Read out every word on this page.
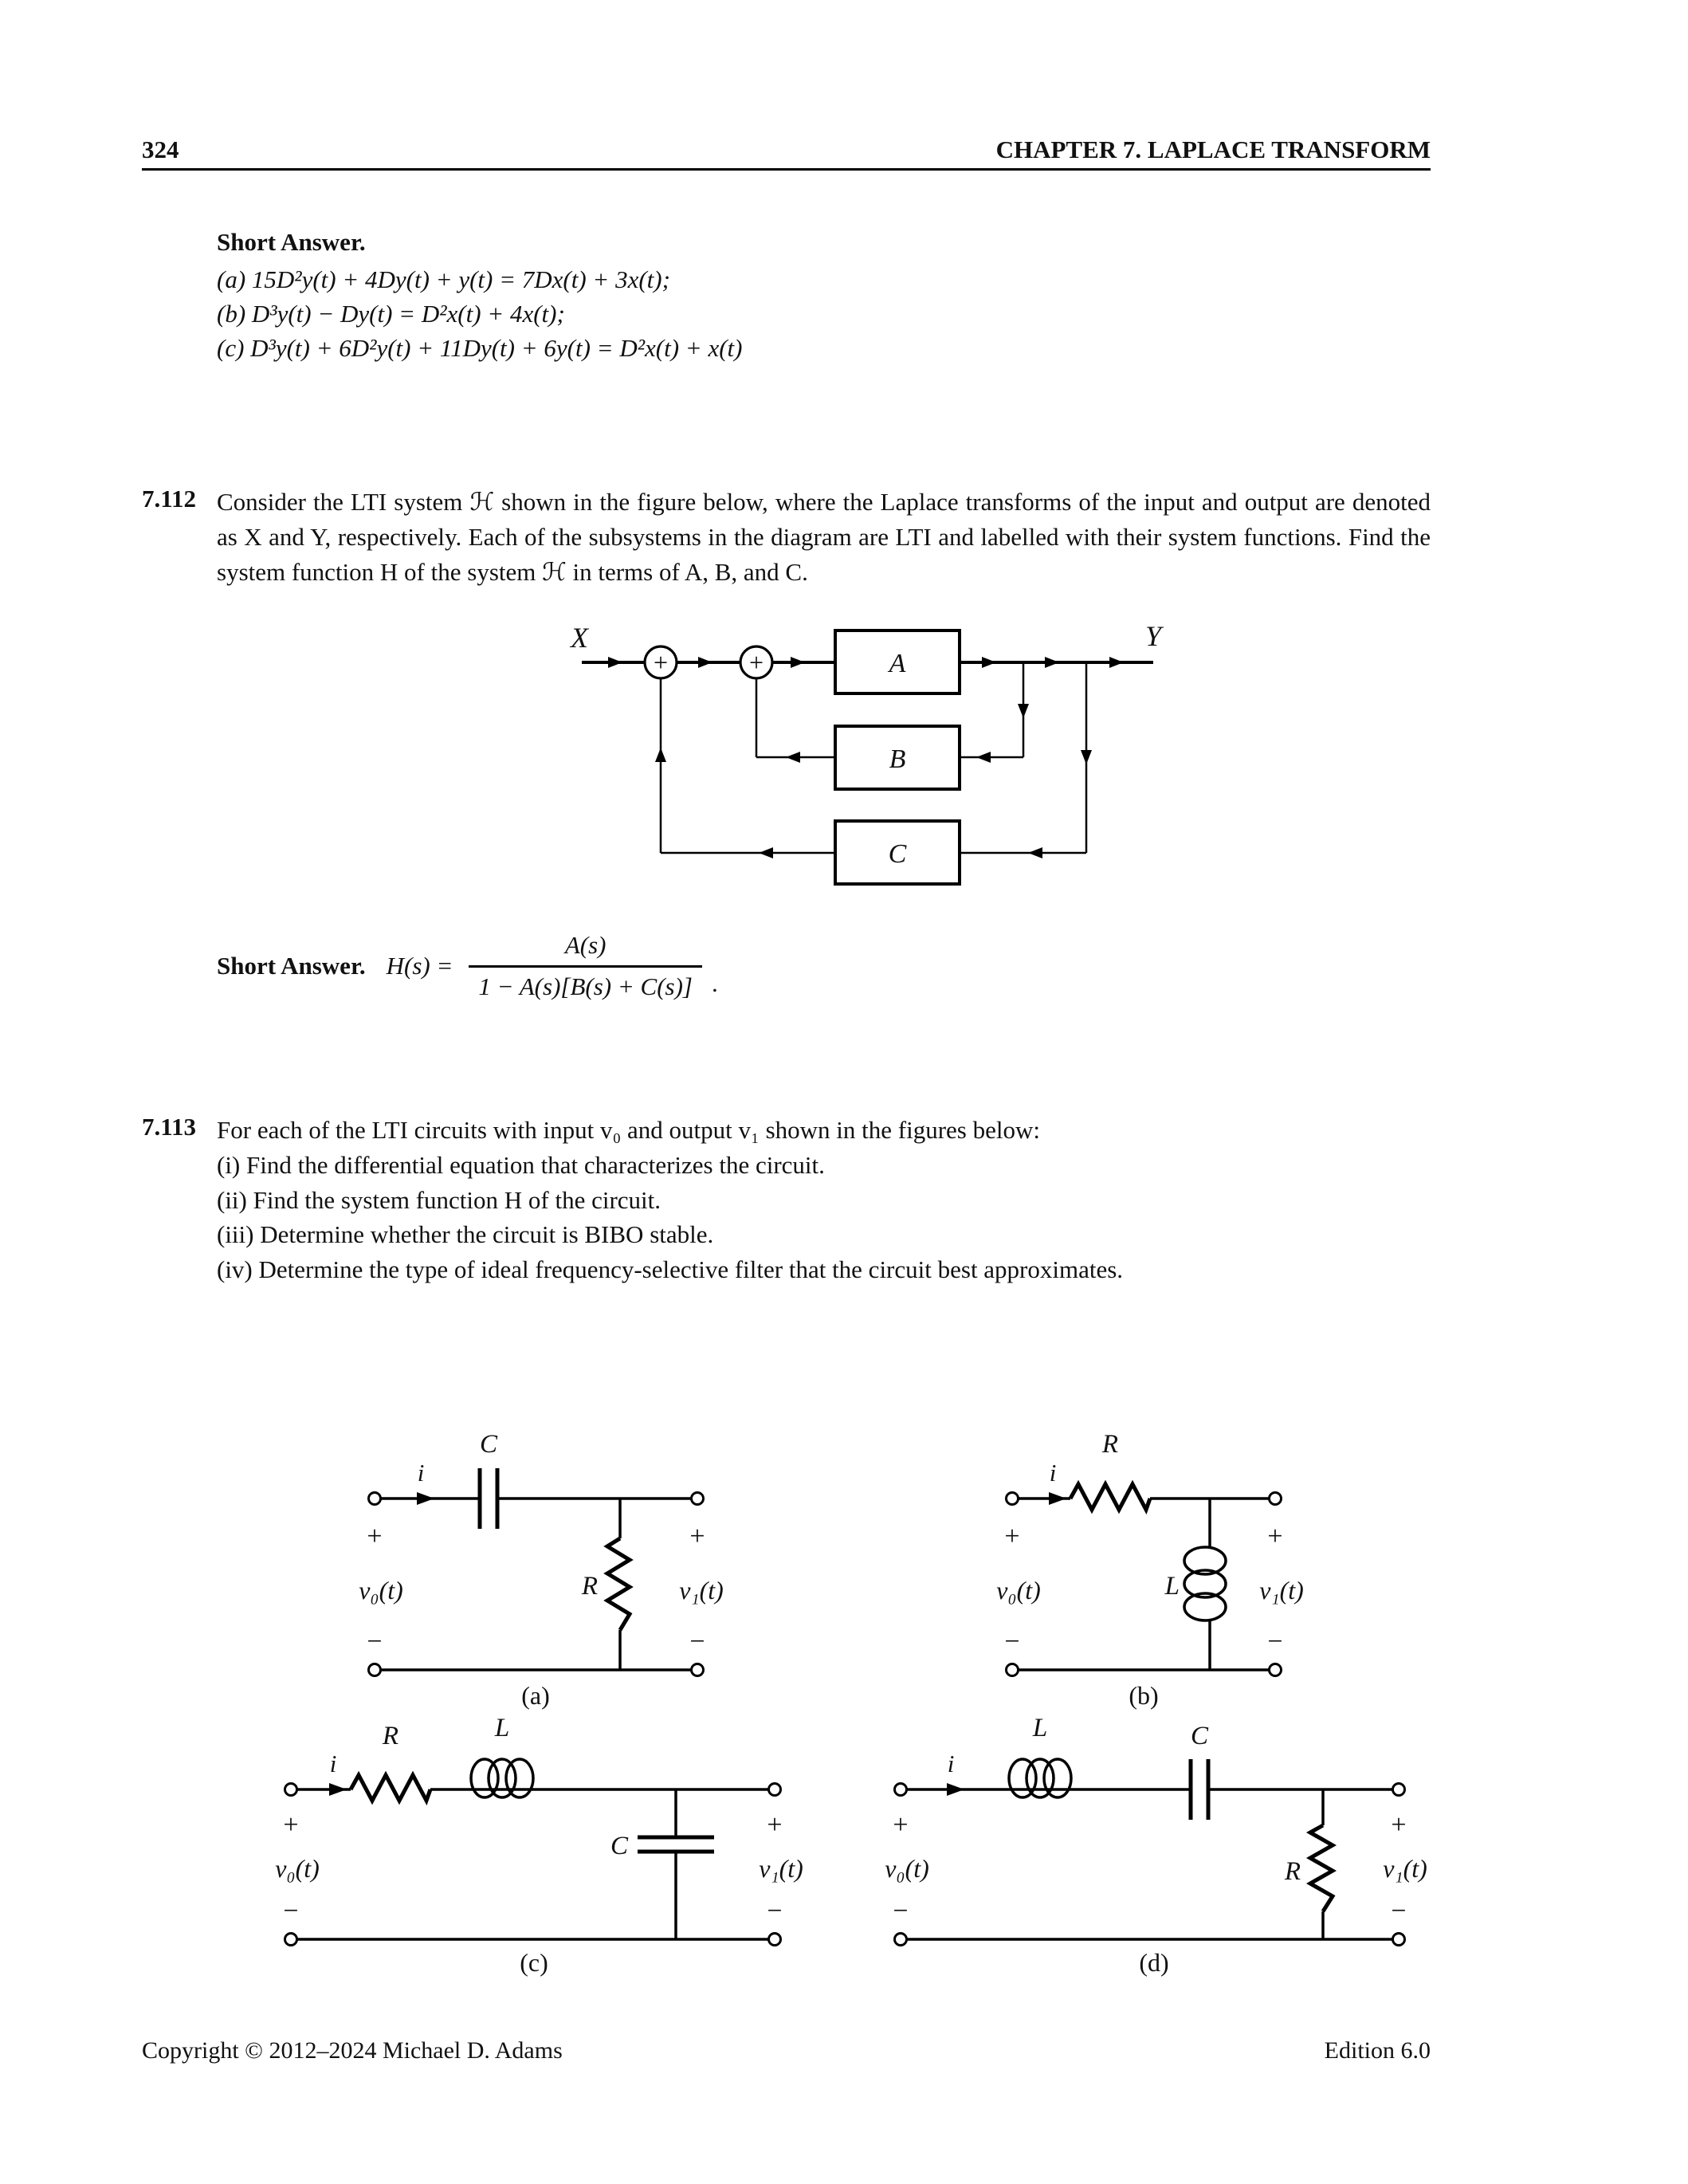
324	CHAPTER 7. LAPLACE TRANSFORM
Short Answer.
(a) 15D²y(t) + 4Dy(t) + y(t) = 7Dx(t) + 3x(t);
(b) D³y(t) − Dy(t) = D²x(t) + 4x(t);
(c) D³y(t) + 6D²y(t) + 11Dy(t) + 6y(t) = D²x(t) + x(t)
7.112 Consider the LTI system ℋ shown in the figure below, where the Laplace transforms of the input and output are denoted as X and Y, respectively. Each of the subsystems in the diagram are LTI and labelled with their system functions. Find the system function H of the system ℋ in terms of A, B, and C.
X	Y
+	+	A
B
C
Short Answer. $H(s) = \frac{A(s)}{1 - A(s)[B(s) + C(s)]}$ .
7.113 For each of the LTI circuits with input v₀ and output v₁ shown in the figures below:
(i) Find the differential equation that characterizes the circuit.
(ii) Find the system function H of the circuit.
(iii) Determine whether the circuit is BIBO stable.
(iv) Determine the type of ideal frequency-selective filter that the circuit best approximates.
C
i
R
+	+
v₀(t)	v₁(t)
−	−
(a)
R
i
L
+	+
v₀(t)	v₁(t)
−	−
(b)
R	L
i
C
+	+
v₀(t)	v₁(t)
−	−
(c)
L	C
i
R
+	+
v₀(t)	v₁(t)
−	−
(d)
Copyright © 2012–2024 Michael D. Adams	Edition 6.0
